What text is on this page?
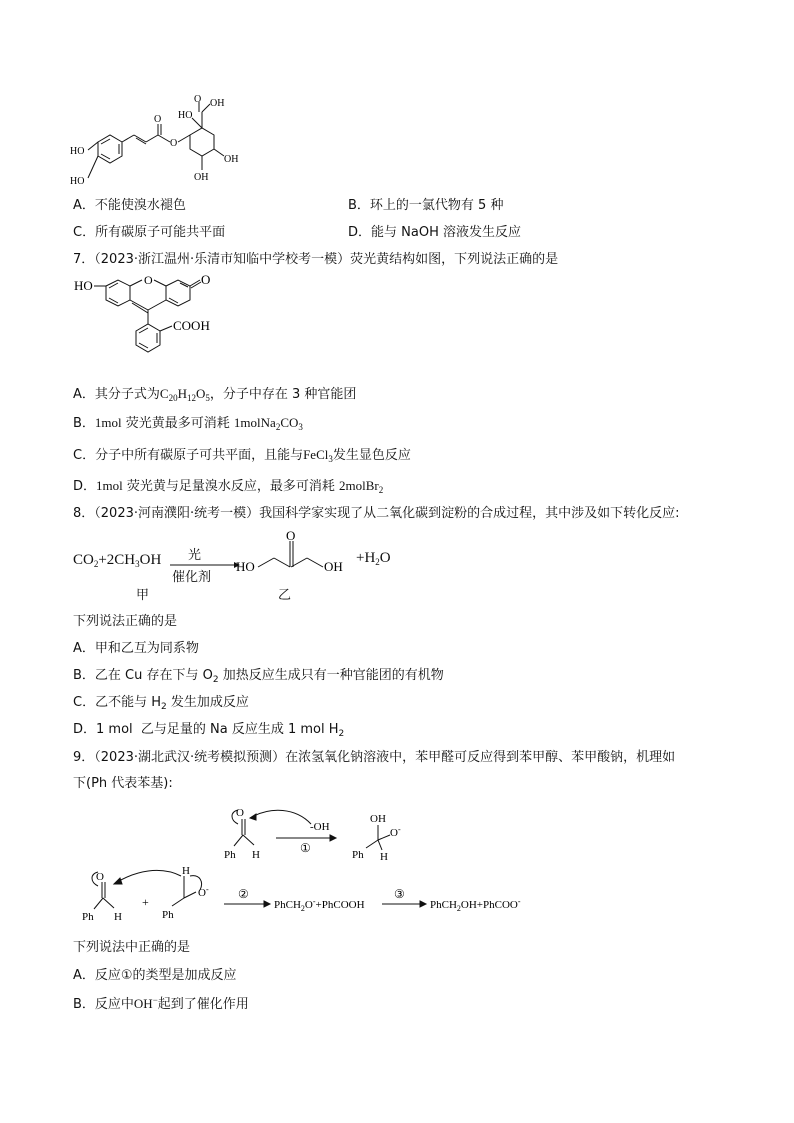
HO
HO
O
O
O OH
HO
OH
OH
A．不能使溴水褪色	B．环上的一氯代物有 5 种
C．所有碳原子可能共平面	D．能与 NaOH 溶液发生反应
7．（2023·浙江温州·乐清市知临中学校考一模）荧光黄结构如图，下列说法正确的是
HO	O	O
COOH
A．其分子式为$C_{20}H_{12}O_5$，分子中存在 3 种官能团
B．1mol 荧光黄最多可消耗 $1molNa_2CO_3$
C．分子中所有碳原子可共平面，且能与FeCl$_3$发生显色反应
D．1mol 荧光黄与足量溴水反应，最多可消耗 2molBr$_2$
8．（2023·河南濮阳·统考一模）我国科学家实现了从二氧化碳到淀粉的合成过程，其中涉及如下转化反应:
$CO_2+2CH_3OH$ 光
催化剂
甲
HO
O
OH
乙
$+H_2O$
下列说法正确的是
A．甲和乙互为同系物
B．乙在 Cu 存在下与 $O_2$ 加热反应生成只有一种官能团的有机物
C．乙不能与 $H_2$ 发生加成反应
D．1 mol  乙与足量的 Na 反应生成 1 mol $H_2$
9．（2023·湖北武汉·统考模拟预测）在浓氢氧化钠溶液中，苯甲醛可反应得到苯甲醇、苯甲酸钠，机理如
下(Ph 代表苯基):
O
Ph H
-OH
①
OH
O-
Ph H
O
Ph H
+
H
Ph
O- ②
PhCH$_2$O-+PhCOOH
③
PhCH$_2$OH+PhCOO-
下列说法中正确的是
A．反应①的类型是加成反应
B．反应中OH−起到了催化作用
